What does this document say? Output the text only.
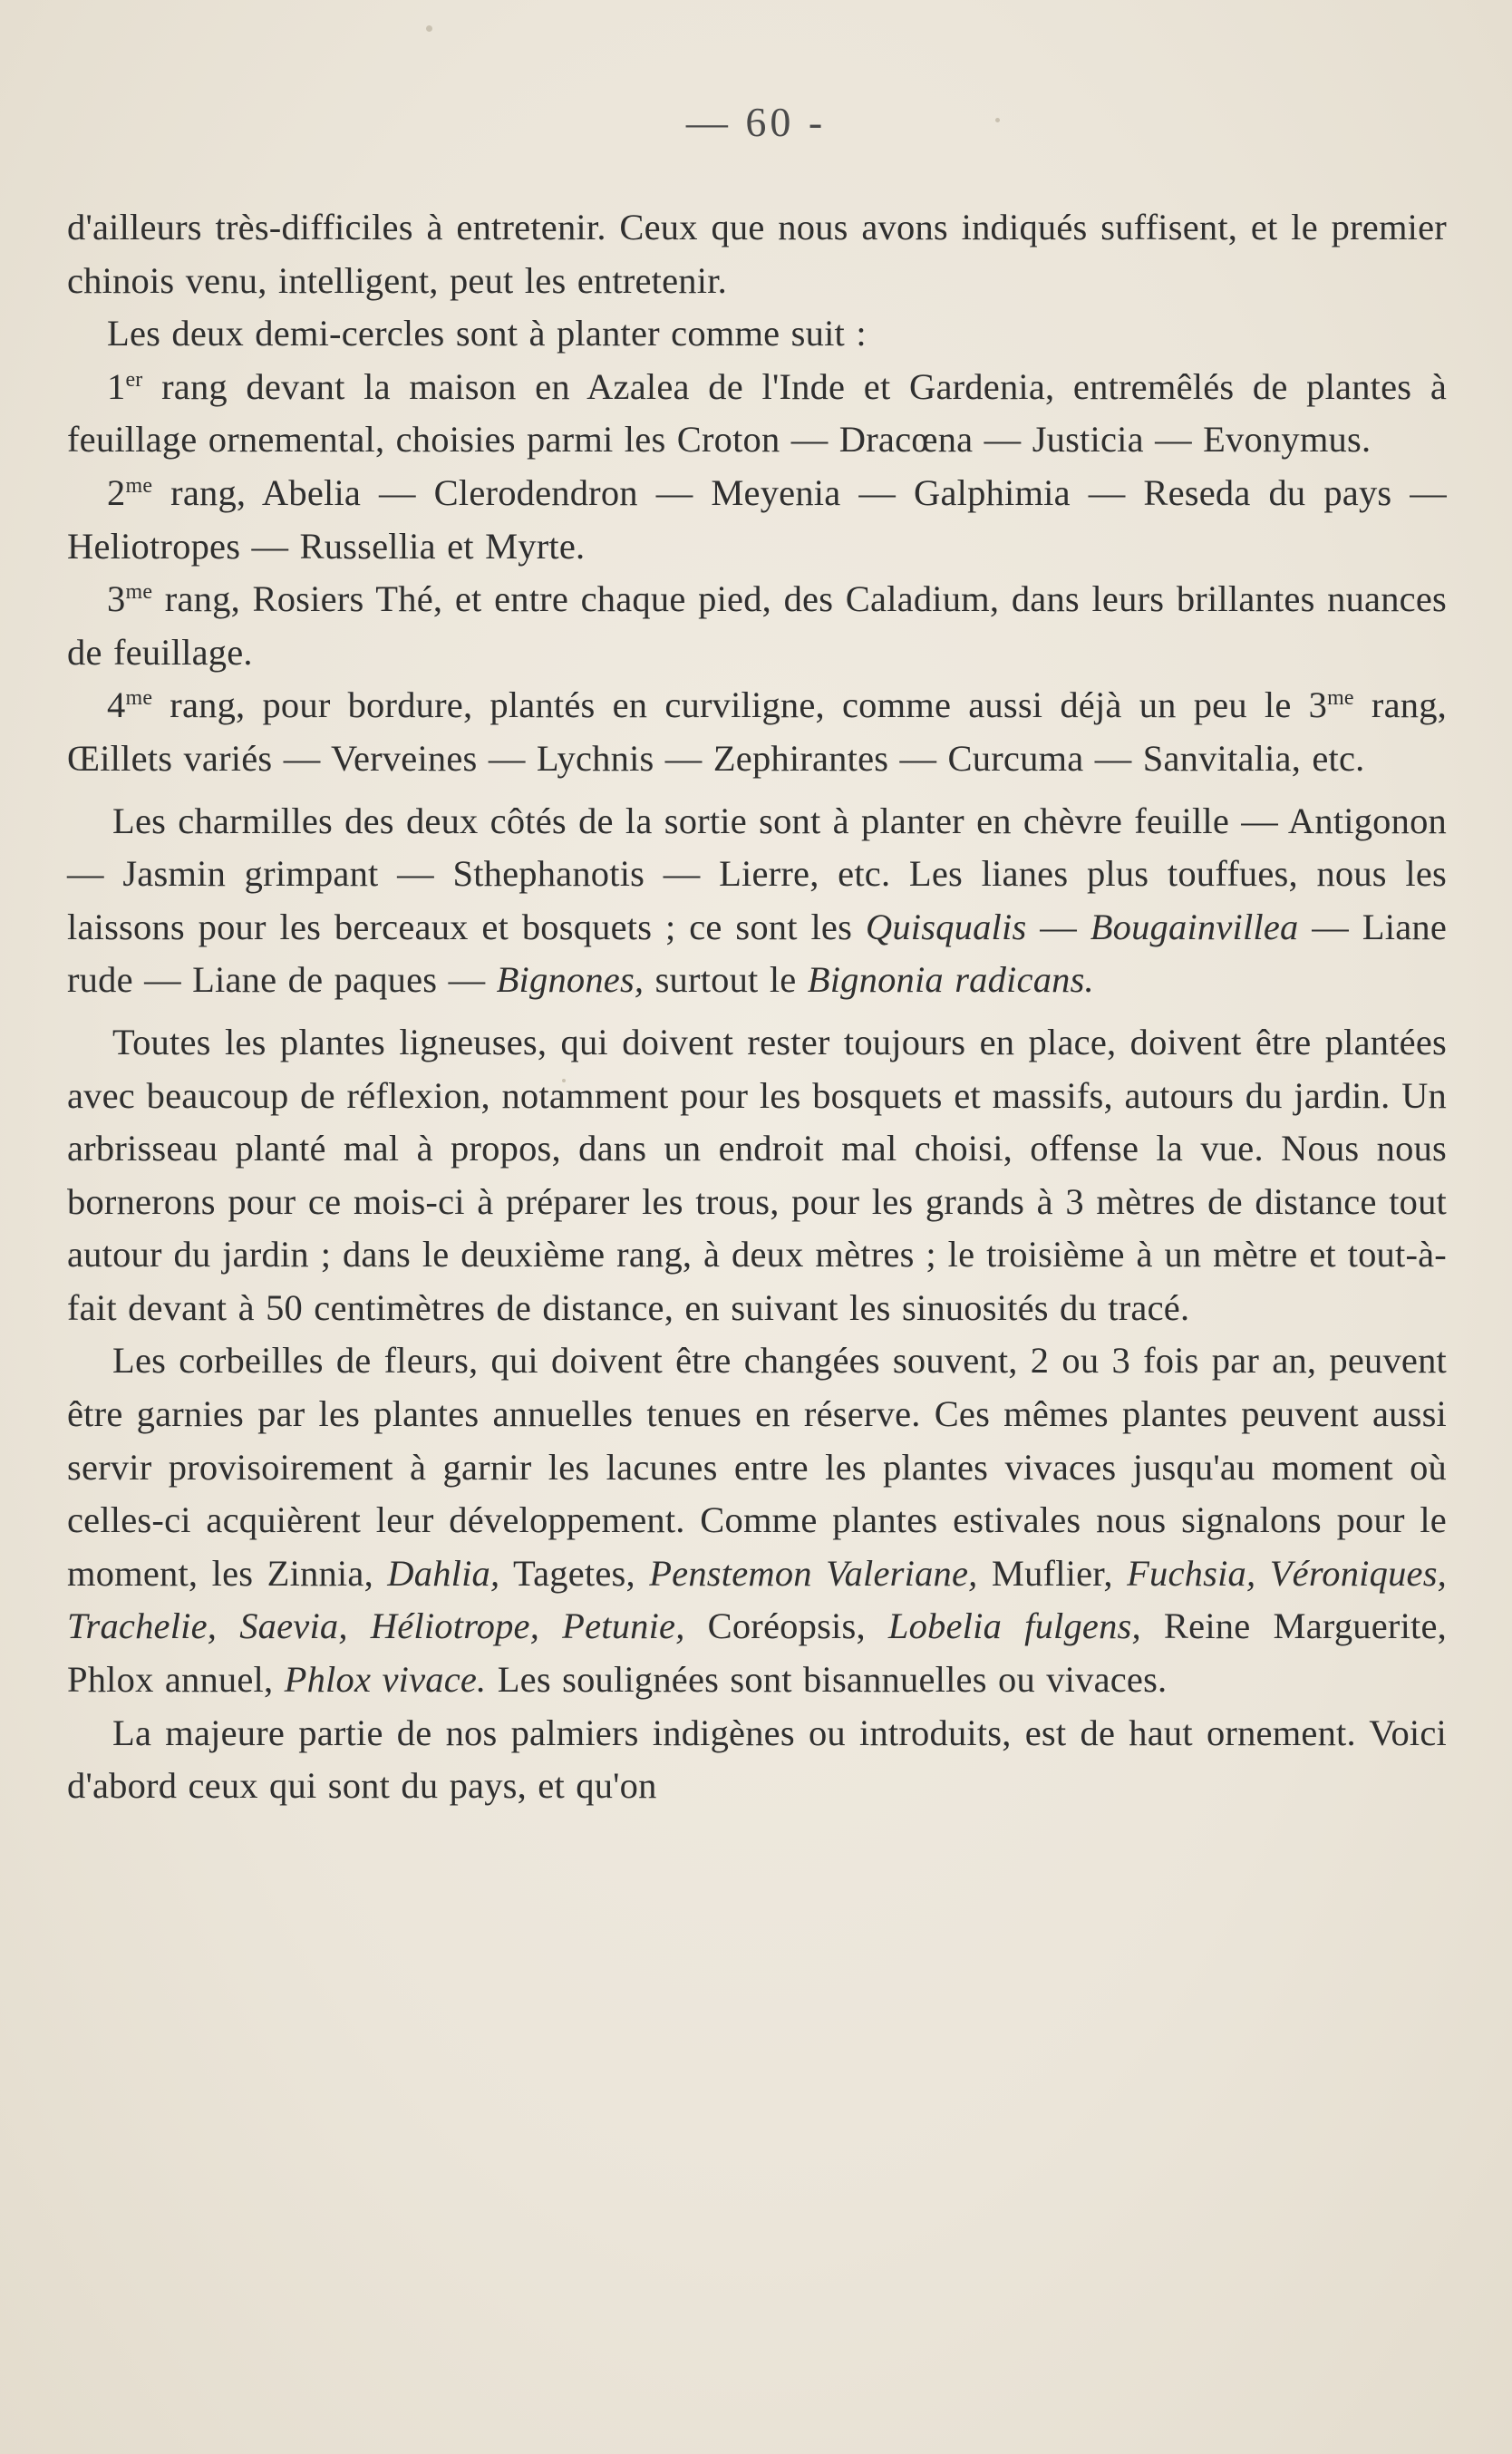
— 60 -

d'ailleurs très-difficiles à entretenir. Ceux que nous avons indiqués suffisent, et le premier chinois venu, intelligent, peut les entretenir.

Les deux demi-cercles sont à planter comme suit :

1er rang devant la maison en Azalea de l'Inde et Gardenia, entremêlés de plantes à feuillage ornemental, choisies parmi les Croton — Dracœna — Justicia — Evonymus.

$2^{me}$ rang, Abelia — Clerodendron — Meyenia — Galphimia — Reseda du pays — Heliotropes — Russellia et Myrte.

$3^{me}$ rang, Rosiers Thé, et entre chaque pied, des Caladium, dans leurs brillantes nuances de feuillage.

$4^{me}$ rang, pour bordure, plantés en curviligne, comme aussi déjà un peu le $3^{me}$ rang, Œillets variés — Verveines — Lychnis — Zephirantes — Curcuma — Sanvitalia, etc.

Les charmilles des deux côtés de la sortie sont à planter en chèvre feuille — Antigonon — Jasmin grimpant — Sthephanotis — Lierre, etc. Les lianes plus touffues, nous les laissons pour les berceaux et bosquets ; ce sont les Quisqualis — Bougainvillea — Liane rude — Liane de paques — Bignones, surtout le Bignonia radicans.

Toutes les plantes ligneuses, qui doivent rester toujours en place, doivent être plantées avec beaucoup de réflexion, notamment pour les bosquets et massifs, autours du jardin. Un arbrisseau planté mal à propos, dans un endroit mal choisi, offense la vue. Nous nous bornerons pour ce mois-ci à préparer les trous, pour les grands à 3 mètres de distance tout autour du jardin ; dans le deuxième rang, à deux mètres ; le troisième à un mètre et tout-à-fait devant à 50 centimètres de distance, en suivant les sinuosités du tracé.

Les corbeilles de fleurs, qui doivent être changées souvent, 2 ou 3 fois par an, peuvent être garnies par les plantes annuelles tenues en réserve. Ces mêmes plantes peuvent aussi servir provisoirement à garnir les lacunes entre les plantes vivaces jusqu'au moment où celles-ci acquièrent leur développement. Comme plantes estivales nous signalons pour le moment, les Zinnia, Dahlia, Tagetes, Penstemon Valeriane, Muflier, Fuchsia, Véroniques, Trachelie, Saevia, Héliotrope, Petunie, Coréopsis, Lobelia fulgens, Reine Marguerite, Phlox annuel, Phlox vivace. Les soulignées sont bisannuelles ou vivaces.

La majeure partie de nos palmiers indigènes ou introduits, est de haut ornement. Voici d'abord ceux qui sont du pays, et qu'on
